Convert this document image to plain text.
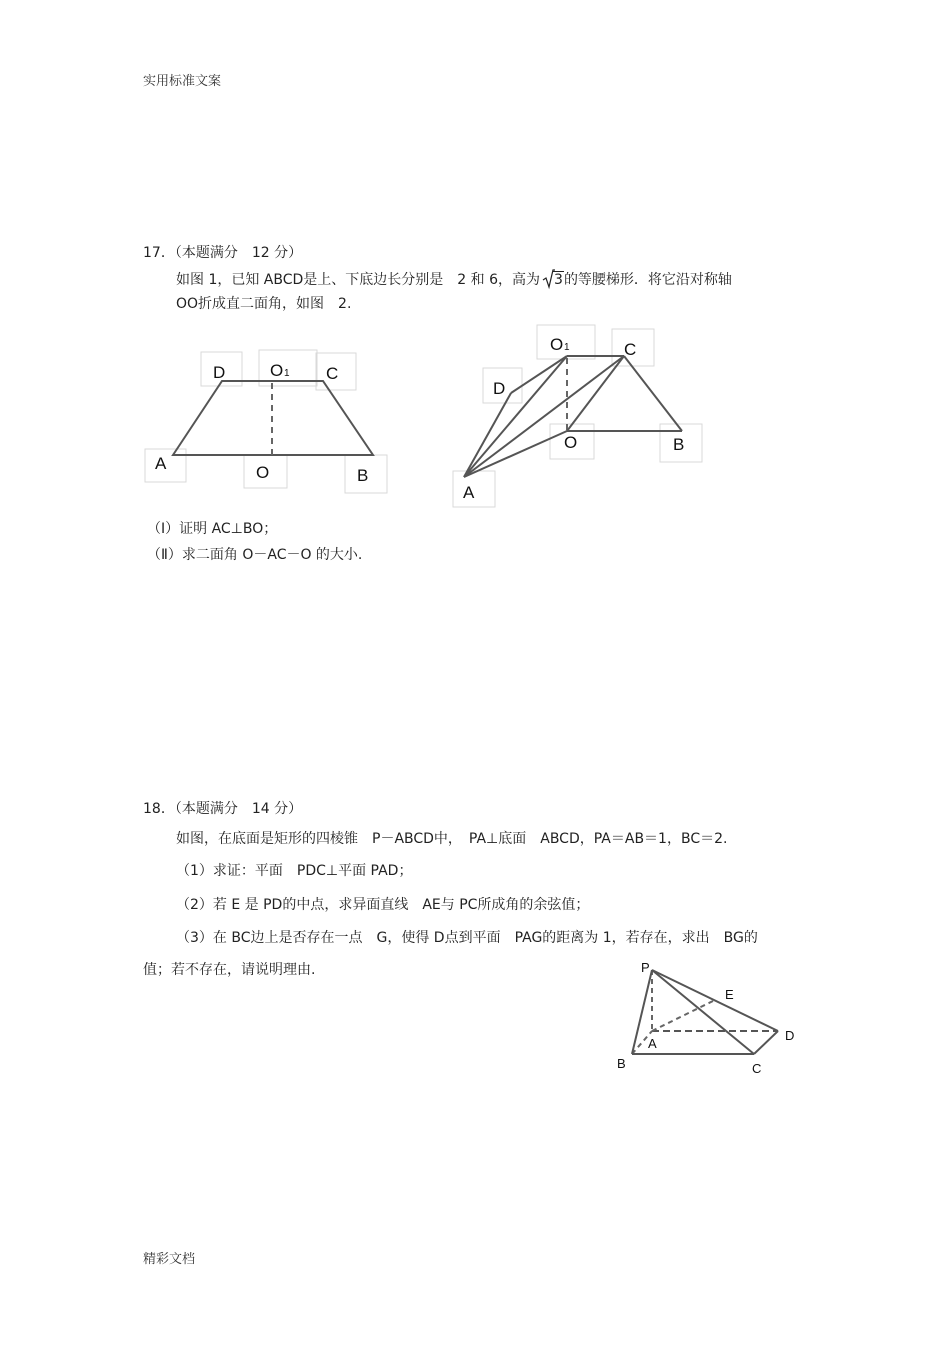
实用标准文案
精彩文档
17．（本题满分　12 分）
如图 1，已知 ABCD是上、下底边长分别是　2 和 6，高为 3的等腰梯形．将它沿对称轴
OO折成直二面角，如图　2.
D	O 1 C
A	O	B
O 1	C
D
O	B
A
（Ⅰ）证明 AC⊥BO；
（Ⅱ）求二面角 O－AC－O 的大小.
18．（本题满分　14 分）
如图，在底面是矩形的四棱锥　P－ABCD中，　PA⊥底面　ABCD，PA＝AB＝1，BC＝2.
（1）求证：平面　PDC⊥平面 PAD；
（2）若 E 是 PD的中点，求异面直线　AE与 PC所成角的余弦值；
（3）在 BC边上是否存在一点　G，使得 D点到平面　PAG的距离为 1，若存在，求出　BG的
值；若不存在，请说明理由.	P
E
D
A
B	C
